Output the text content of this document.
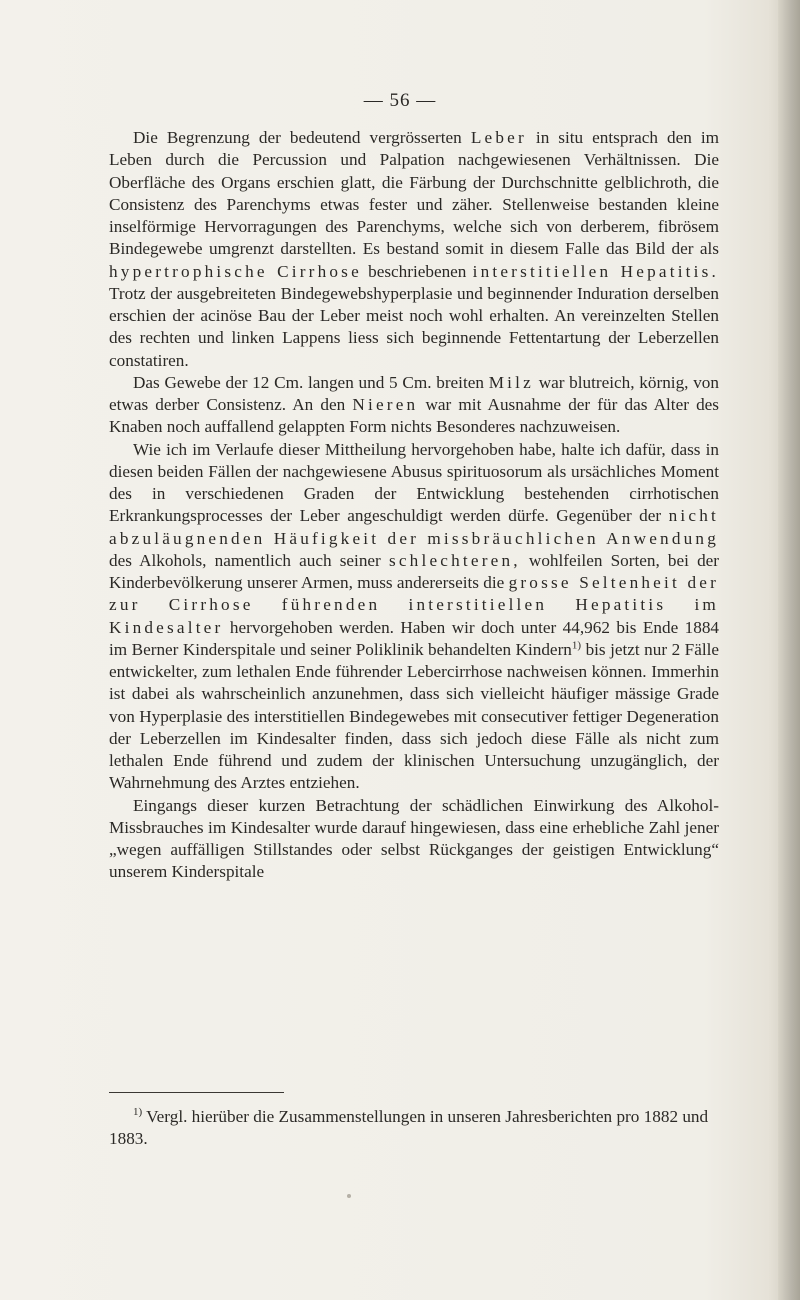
— 56 —

Die Begrenzung der bedeutend vergrösserten Leber in situ entsprach den im Leben durch die Percussion und Palpation nachgewiesenen Verhältnissen. Die Oberfläche des Organs erschien glatt, die Färbung der Durchschnitte gelblichroth, die Consistenz des Parenchyms etwas fester und zäher. Stellenweise bestanden kleine inselförmige Hervorragungen des Parenchyms, welche sich von derberem, fibrösem Bindegewebe umgrenzt darstellten. Es bestand somit in diesem Falle das Bild der als hypertrophische Cirrhose beschriebenen interstitiellen Hepatitis. Trotz der ausgebreiteten Bindegewebshyperplasie und beginnender Induration derselben erschien der acinöse Bau der Leber meist noch wohl erhalten. An vereinzelten Stellen des rechten und linken Lappens liess sich beginnende Fettentartung der Leberzellen constatiren.

Das Gewebe der 12 Cm. langen und 5 Cm. breiten Milz war blutreich, körnig, von etwas derber Consistenz. An den Nieren war mit Ausnahme der für das Alter des Knaben noch auffallend gelappten Form nichts Besonderes nachzuweisen.

Wie ich im Verlaufe dieser Mittheilung hervorgehoben habe, halte ich dafür, dass in diesen beiden Fällen der nachgewiesene Abusus spirituosorum als ursächliches Moment des in verschiedenen Graden der Entwicklung bestehenden cirrhotischen Erkrankungsprocesses der Leber angeschuldigt werden dürfe. Gegenüber der nicht abzuläugnenden Häufigkeit der missbräuchlichen Anwendung des Alkohols, namentlich auch seiner schlechteren, wohlfeilen Sorten, bei der Kinderbevölkerung unserer Armen, muss andererseits die grosse Seltenheit der zur Cirrhose führenden interstitiellen Hepatitis im Kindesalter hervorgehoben werden. Haben wir doch unter 44,962 bis Ende 1884 im Berner Kinderspitale und seiner Poliklinik behandelten Kindern$^{1)}$ bis jetzt nur 2 Fälle entwickelter, zum lethalen Ende führender Lebercirrhose nachweisen können. Immerhin ist dabei als wahrscheinlich anzunehmen, dass sich vielleicht häufiger mässige Grade von Hyperplasie des interstitiellen Bindegewebes mit consecutiver fettiger Degeneration der Leberzellen im Kindesalter finden, dass sich jedoch diese Fälle als nicht zum lethalen Ende führend und zudem der klinischen Untersuchung unzugänglich, der Wahrnehmung des Arztes entziehen.

Eingangs dieser kurzen Betrachtung der schädlichen Einwirkung des Alkohol-Missbrauches im Kindesalter wurde darauf hingewiesen, dass eine erhebliche Zahl jener „wegen auffälligen Stillstandes oder selbst Rückganges der geistigen Entwicklung“ unserem Kinderspitale

$^{1)}$ Vergl. hierüber die Zusammenstellungen in unseren Jahresberichten pro 1882 und 1883.
